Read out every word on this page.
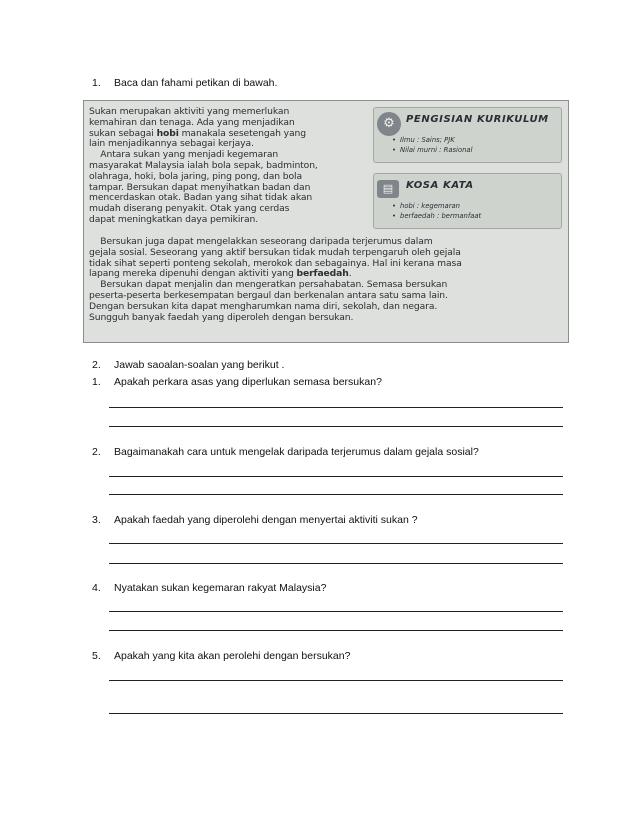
1. Baca dan fahami petikan di bawah.
Sukan merupakan aktiviti yang memerlukan
kemahiran dan tenaga. Ada yang menjadikan
sukan sebagai hobi manakala sesetengah yang
lain menjadikannya sebagai kerjaya.
Antara sukan yang menjadi kegemaran
masyarakat Malaysia ialah bola sepak, badminton,
olahraga, hoki, bola jaring, ping pong, dan bola
tampar. Bersukan dapat menyihatkan badan dan
mencerdaskan otak. Badan yang sihat tidak akan
mudah diserang penyakit. Otak yang cerdas
dapat meningkatkan daya pemikiran.
⚙	PENGISIAN KURIKULUM
• Ilmu : Sains; PJK
• Nilai murni : Rasional
▤	KOSA KATA
• hobi : kegemaran
• berfaedah : bermanfaat
Bersukan juga dapat mengelakkan seseorang daripada terjerumus dalam
gejala sosial. Seseorang yang aktif bersukan tidak mudah terpengaruh oleh gejala
tidak sihat seperti ponteng sekolah, merokok dan sebagainya. Hal ini kerana masa
lapang mereka dipenuhi dengan aktiviti yang berfaedah.
Bersukan dapat menjalin dan mengeratkan persahabatan. Semasa bersukan
peserta-peserta berkesempatan bergaul dan berkenalan antara satu sama lain.
Dengan bersukan kita dapat mengharumkan nama diri, sekolah, dan negara.
Sungguh banyak faedah yang diperoleh dengan bersukan.
2. Jawab saoalan-soalan yang berikut .
1. Apakah perkara asas yang diperlukan semasa bersukan?
2. Bagaimanakah cara untuk mengelak daripada terjerumus dalam gejala sosial?
3. Apakah faedah yang diperolehi dengan menyertai aktiviti sukan ?
4. Nyatakan sukan kegemaran rakyat Malaysia?
5. Apakah yang kita akan perolehi dengan bersukan?
